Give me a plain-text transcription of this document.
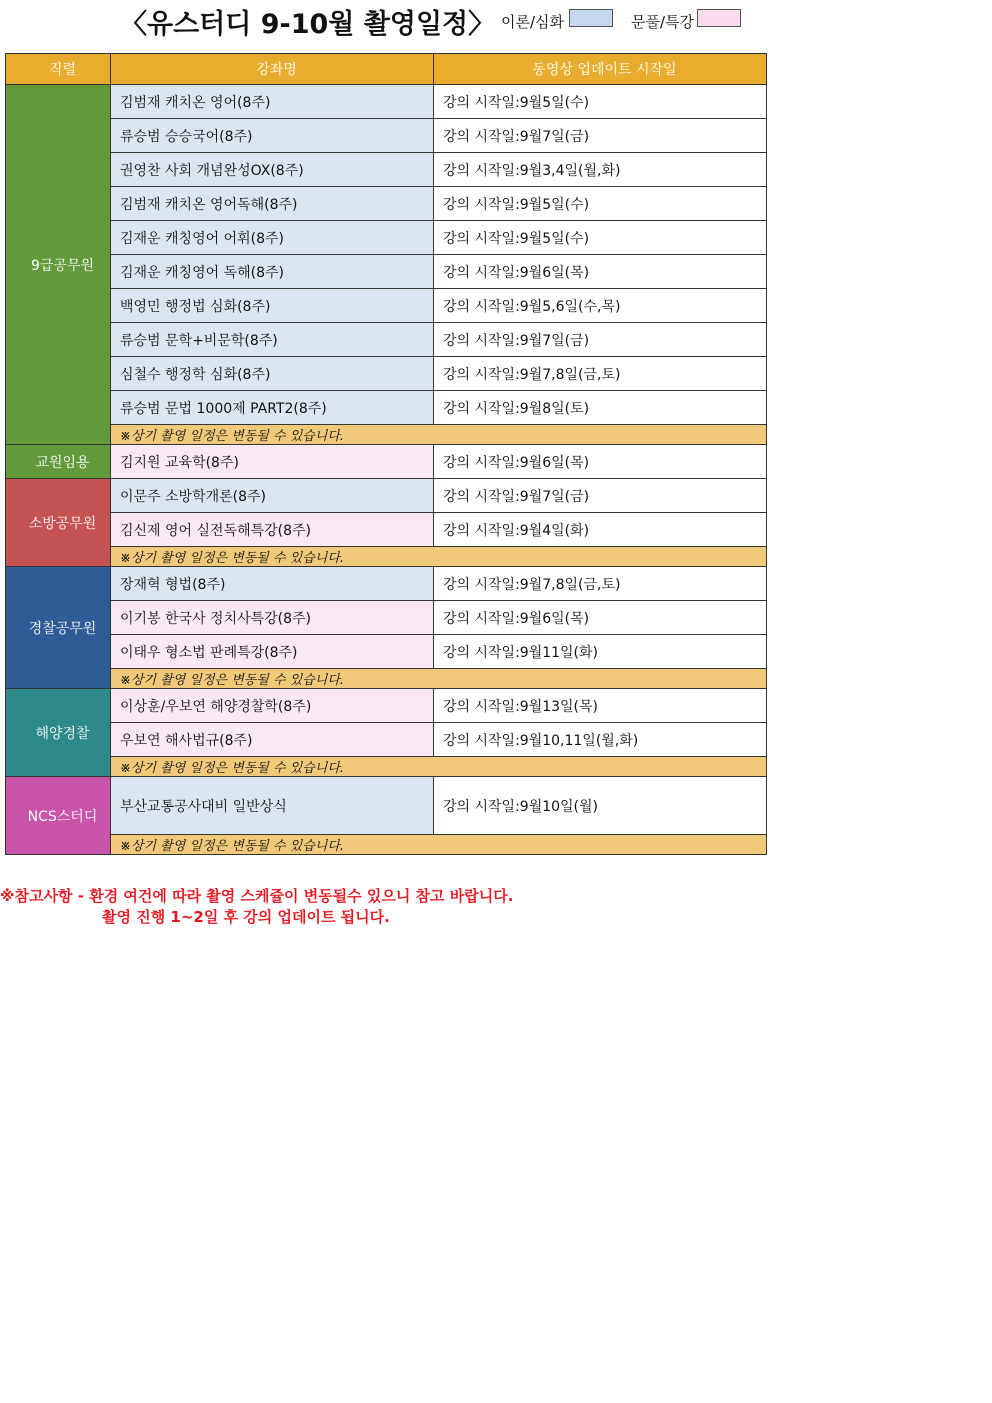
〈유스터디 9-10월 촬영일정〉 이론/심화	문풀/특강
직렬	강좌명	동영상 업데이트 시작일
9급공무원	김범재 캐치온 영어(8주)	강의 시작일:9월5일(수)
	류승범 승승국어(8주)	강의 시작일:9월7일(금)
	권영찬 사회 개념완성OX(8주)	강의 시작일:9월3,4일(월,화)
	김범재 캐치온 영어독해(8주)	강의 시작일:9월5일(수)
	김재운 캐칭영어 어휘(8주)	강의 시작일:9월5일(수)
	김재운 캐칭영어 독해(8주)	강의 시작일:9월6일(목)
	백영민 행정법 심화(8주)	강의 시작일:9월5,6일(수,목)
	류승범 문학+비문학(8주)	강의 시작일:9월7일(금)
	심철수 행정학 심화(8주)	강의 시작일:9월7,8일(금,토)
	류승범 문법 1000제 PART2(8주)	강의 시작일:9월8일(토)
	※상기 촬영 일정은 변동될 수 있습니다.	
교원임용	김지원 교육학(8주)	강의 시작일:9월6일(목)
소방공무원	이문주 소방학개론(8주)	강의 시작일:9월7일(금)
	김신제 영어 실전독해특강(8주)	강의 시작일:9월4일(화)
	※상기 촬영 일정은 변동될 수 있습니다.	
경찰공무원	장재혁 형법(8주)	강의 시작일:9월7,8일(금,토)
	이기봉 한국사 정치사특강(8주)	강의 시작일:9월6일(목)
	이태우 형소법 판례특강(8주)	강의 시작일:9월11일(화)
	※상기 촬영 일정은 변동될 수 있습니다.	
해양경찰	이상훈/우보연 해양경찰학(8주)	강의 시작일:9월13일(목)
	우보연 해사법규(8주)	강의 시작일:9월10,11일(월,화)
	※상기 촬영 일정은 변동될 수 있습니다.	
NCS스터디	부산교통공사대비 일반상식	강의 시작일:9월10일(월)
	※상기 촬영 일정은 변동될 수 있습니다.	
※참고사항 - 환경 여건에 따라 촬영 스케쥴이 변동될수 있으니 참고 바랍니다.
촬영 진행 1~2일 후 강의 업데이트 됩니다.
